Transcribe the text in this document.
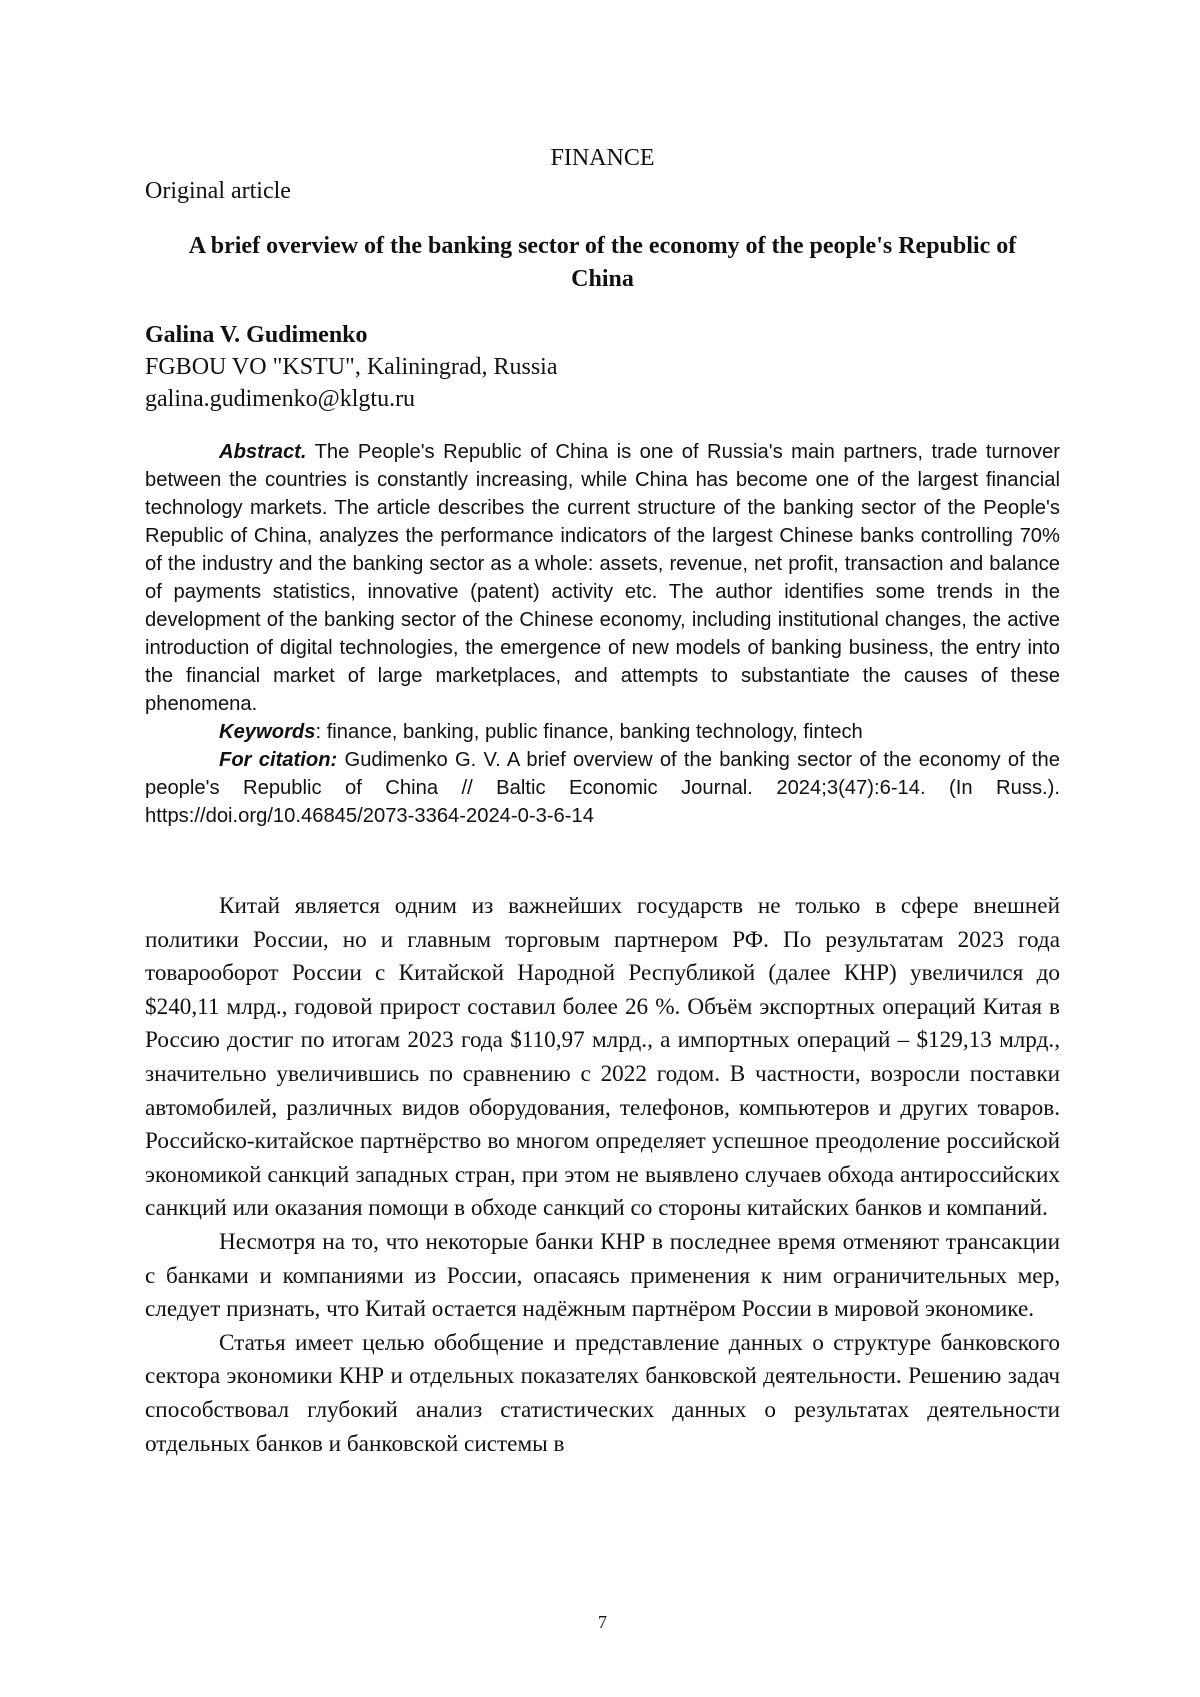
FINANCE
Original article
A brief overview of the banking sector of the economy of the people's Republic of China
Galina V. Gudimenko
FGBOU VO "KSTU", Kaliningrad, Russia
galina.gudimenko@klgtu.ru

Abstract. The People's Republic of China is one of Russia's main partners, trade turnover between the countries is constantly increasing, while China has become one of the largest financial technology markets. The article describes the current structure of the banking sector of the People's Republic of China, analyzes the performance indicators of the largest Chinese banks controlling 70% of the industry and the banking sector as a whole: assets, revenue, net profit, transaction and balance of payments statistics, innovative (patent) activity etc. The author identifies some trends in the development of the banking sector of the Chinese economy, including institutional changes, the active introduction of digital technologies, the emergence of new models of banking business, the entry into the financial market of large marketplaces, and attempts to substantiate the causes of these phenomena.

Keywords: finance, banking, public finance, banking technology, fintech

For citation: Gudimenko G. V. A brief overview of the banking sector of the economy of the people's Republic of China // Baltic Economic Journal. 2024;3(47):6-14. (In Russ.). https://doi.org/10.46845/2073-3364-2024-0-3-6-14

Китай является одним из важнейших государств не только в сфере внешней политики России, но и главным торговым партнером РФ. По результатам 2023 года товарооборот России с Китайской Народной Республикой (далее КНР) увеличился до $240,11 млрд., годовой прирост составил более 26 %. Объём экспортных операций Китая в Россию достиг по итогам 2023 года $110,97 млрд., а импортных операций – $129,13 млрд., значительно увеличившись по сравнению с 2022 годом. В частности, возросли поставки автомобилей, различных видов оборудования, телефонов, компьютеров и других товаров. Российско-китайское партнёрство во многом определяет успешное преодоление российской экономикой санкций западных стран, при этом не выявлено случаев обхода антироссийских санкций или оказания помощи в обходе санкций со стороны китайских банков и компаний.

Несмотря на то, что некоторые банки КНР в последнее время отменяют трансакции с банками и компаниями из России, опасаясь применения к ним ограничительных мер, следует признать, что Китай остается надёжным партнёром России в мировой экономике.

Статья имеет целью обобщение и представление данных о структуре банковского сектора экономики КНР и отдельных показателях банковской деятельности. Решению задач способствовал глубокий анализ статистических данных о результатах деятельности отдельных банков и банковской системы в

7
